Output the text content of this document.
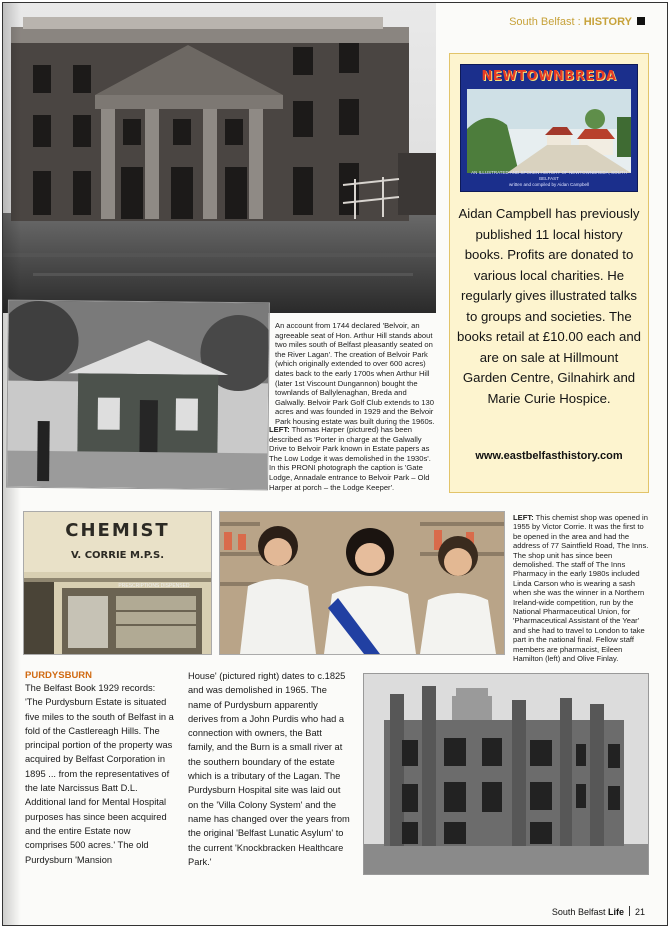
South Belfast : HISTORY
NEWTOWNBREDA
AN ILLUSTRATED AND SPOKEN HISTORY OF NEWTOWNBREDA, SOUTH BELFAST
written and compiled by Aidan Campbell
Aidan Campbell has previously published 11 local history books. Profits are donated to various local charities. He regularly gives illustrated talks to groups and societies. The books retail at £10.00 each and are on sale at Hillmount Garden Centre, Gilnahirk and Marie Curie Hospice.
www.eastbelfasthistory.com
An account from 1744 declared 'Belvoir, an agreeable seat of Hon. Arthur Hill stands about two miles south of Belfast pleasantly seated on the River Lagan'. The creation of Belvoir Park (which originally extended to over 600 acres) dates back to the early 1700s when Arthur Hill (later 1st Viscount Dungannon) bought the townlands of Ballylenaghan, Breda and Galwally. Belvoir Park Golf Club extends to 130 acres and was founded in 1929 and the Belvoir Park housing estate was built during the 1960s.
LEFT: Thomas Harper (pictured) has been described as 'Porter in charge at the Galwally Drive to Belvoir Park known in Estate papers as The Low Lodge it was demolished in the 1930s'. In this PRONI photograph the caption is 'Gate Lodge, Annadale entrance to Belvoir Park – Old Harper at porch – the Lodge Keeper'.
CHEMIST
V. CORRIE M.P.S.
PRESCRIPTIONS DISPENSED
LEFT: This chemist shop was opened in 1955 by Victor Corrie. It was the first to be opened in the area and had the address of 77 Saintfield Road, The Inns. The shop unit has since been demolished. The staff of The Inns Pharmacy in the early 1980s included Linda Carson who is wearing a sash when she was the winner in a Northern Ireland-wide competition, run by the National Pharmaceutical Union, for 'Pharmaceutical Assistant of the Year' and she had to travel to London to take part in the national final. Fellow staff members are pharmacist, Eileen Hamilton (left) and Olive Finlay.
PURDYSBURN
The Belfast Book 1929 records: 'The Purdysburn Estate is situated five miles to the south of Belfast in a fold of the Castlereagh Hills. The principal portion of the property was acquired by Belfast Corporation in 1895 ... from the representatives of the late Narcissus Batt D.L. Additional land for Mental Hospital purposes has since been acquired and the entire Estate now comprises 500 acres.' The old Purdysburn 'Mansion
House' (pictured right) dates to c.1825 and was demolished in 1965. The name of Purdysburn apparently derives from a John Purdis who had a connection with owners, the Batt family, and the Burn is a small river at the southern boundary of the estate which is a tributary of the Lagan. The Purdysburn Hospital site was laid out on the 'Villa Colony System' and the name has changed over the years from the original 'Belfast Lunatic Asylum' to the current 'Knockbracken Healthcare Park.'
South Belfast Life 21
